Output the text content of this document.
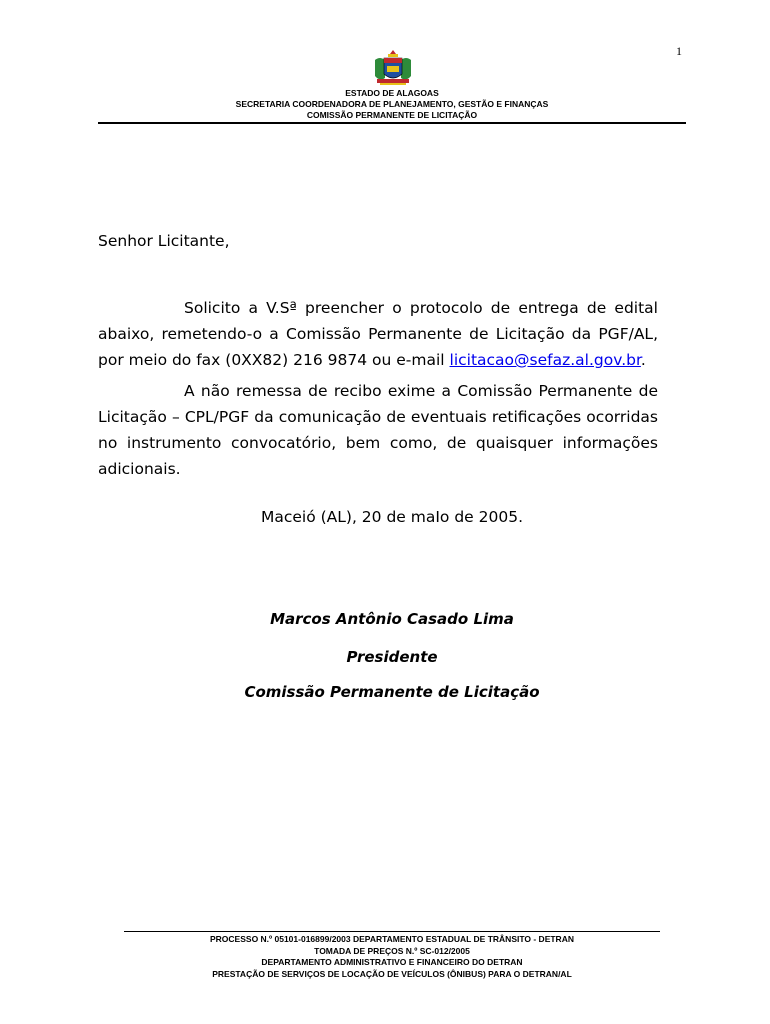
1
ESTADO DE ALAGOAS
SECRETARIA COORDENADORA DE PLANEJAMENTO, GESTÃO E FINANÇAS
COMISSÃO PERMANENTE DE LICITAÇÃO
Senhor Licitante,
Solicito a V.Sª preencher o protocolo de entrega de edital abaixo, remetendo-o a Comissão Permanente de Licitação da PGF/AL, por meio do fax (0XX82) 216 9874 ou e-mail licitacao@sefaz.al.gov.br.
A não remessa de recibo exime a Comissão Permanente de Licitação – CPL/PGF da comunicação de eventuais retificações ocorridas no instrumento convocatório, bem como, de quaisquer informações adicionais.
Maceió (AL), 20 de maIo de 2005.
Marcos Antônio Casado Lima
Presidente
Comissão Permanente de Licitação
PROCESSO N.º 05101-016899/2003 DEPARTAMENTO ESTADUAL DE TRÂNSITO - DETRAN
TOMADA DE PREÇOS N.º SC-012/2005
DEPARTAMENTO ADMINISTRATIVO E FINANCEIRO DO DETRAN
PRESTAÇÃO DE SERVIÇOS DE LOCAÇÃO DE VEÍCULOS (ÔNIBUS) PARA O DETRAN/AL
